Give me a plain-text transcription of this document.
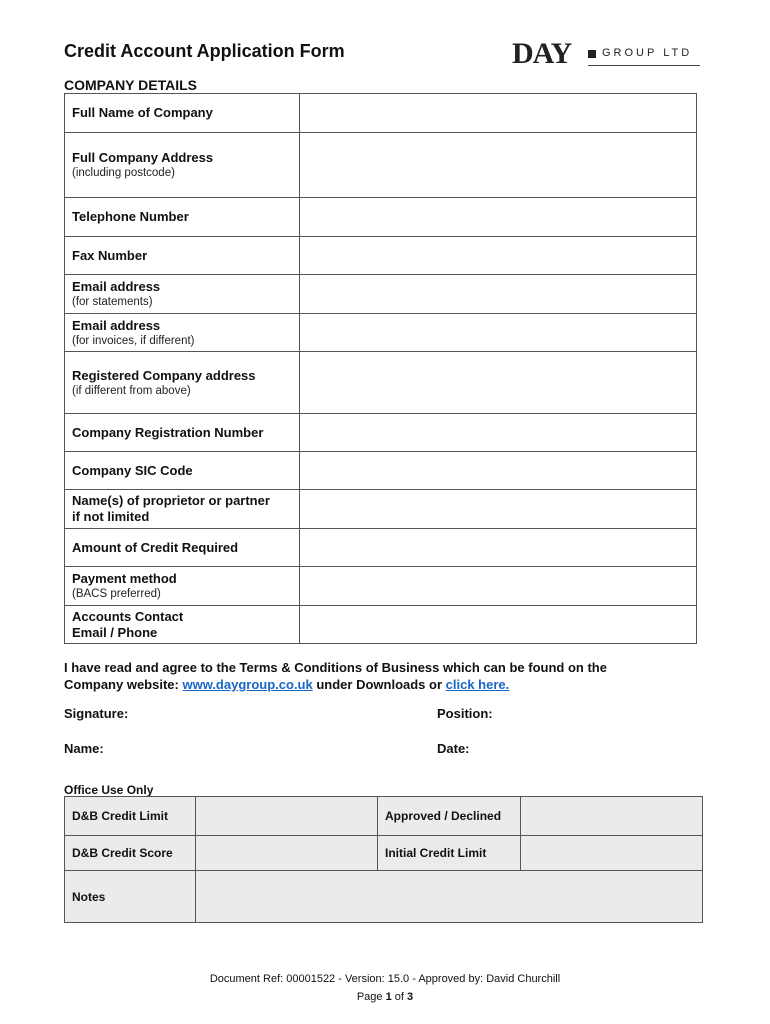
Credit Account Application Form	DAY	GROUP LTD
COMPANY DETAILS
Full Name of Company	

Full Company Address
(including postcode)	

Telephone Number	

Fax Number	

Email address
(for statements)	

Email address
(for invoices, if different)	

Registered Company address
(if different from above)	

Company Registration Number	

Company SIC Code	

Name(s) of proprietor or partner
if not limited	

Amount of Credit Required	

Payment method
(BACS preferred)	

Accounts Contact
Email / Phone	

I have read and agree to the Terms & Conditions of Business which can be found on the
Company website: www.daygroup.co.uk under Downloads or click here.
Signature:	Position:
Name:	Date:
Office Use Only
D&B Credit Limit		Approved / Declined	
D&B Credit Score		Initial Credit Limit	
Notes			
Document Ref: 00001522 - Version: 15.0 - Approved by: David Churchill
Page 1 of 3
